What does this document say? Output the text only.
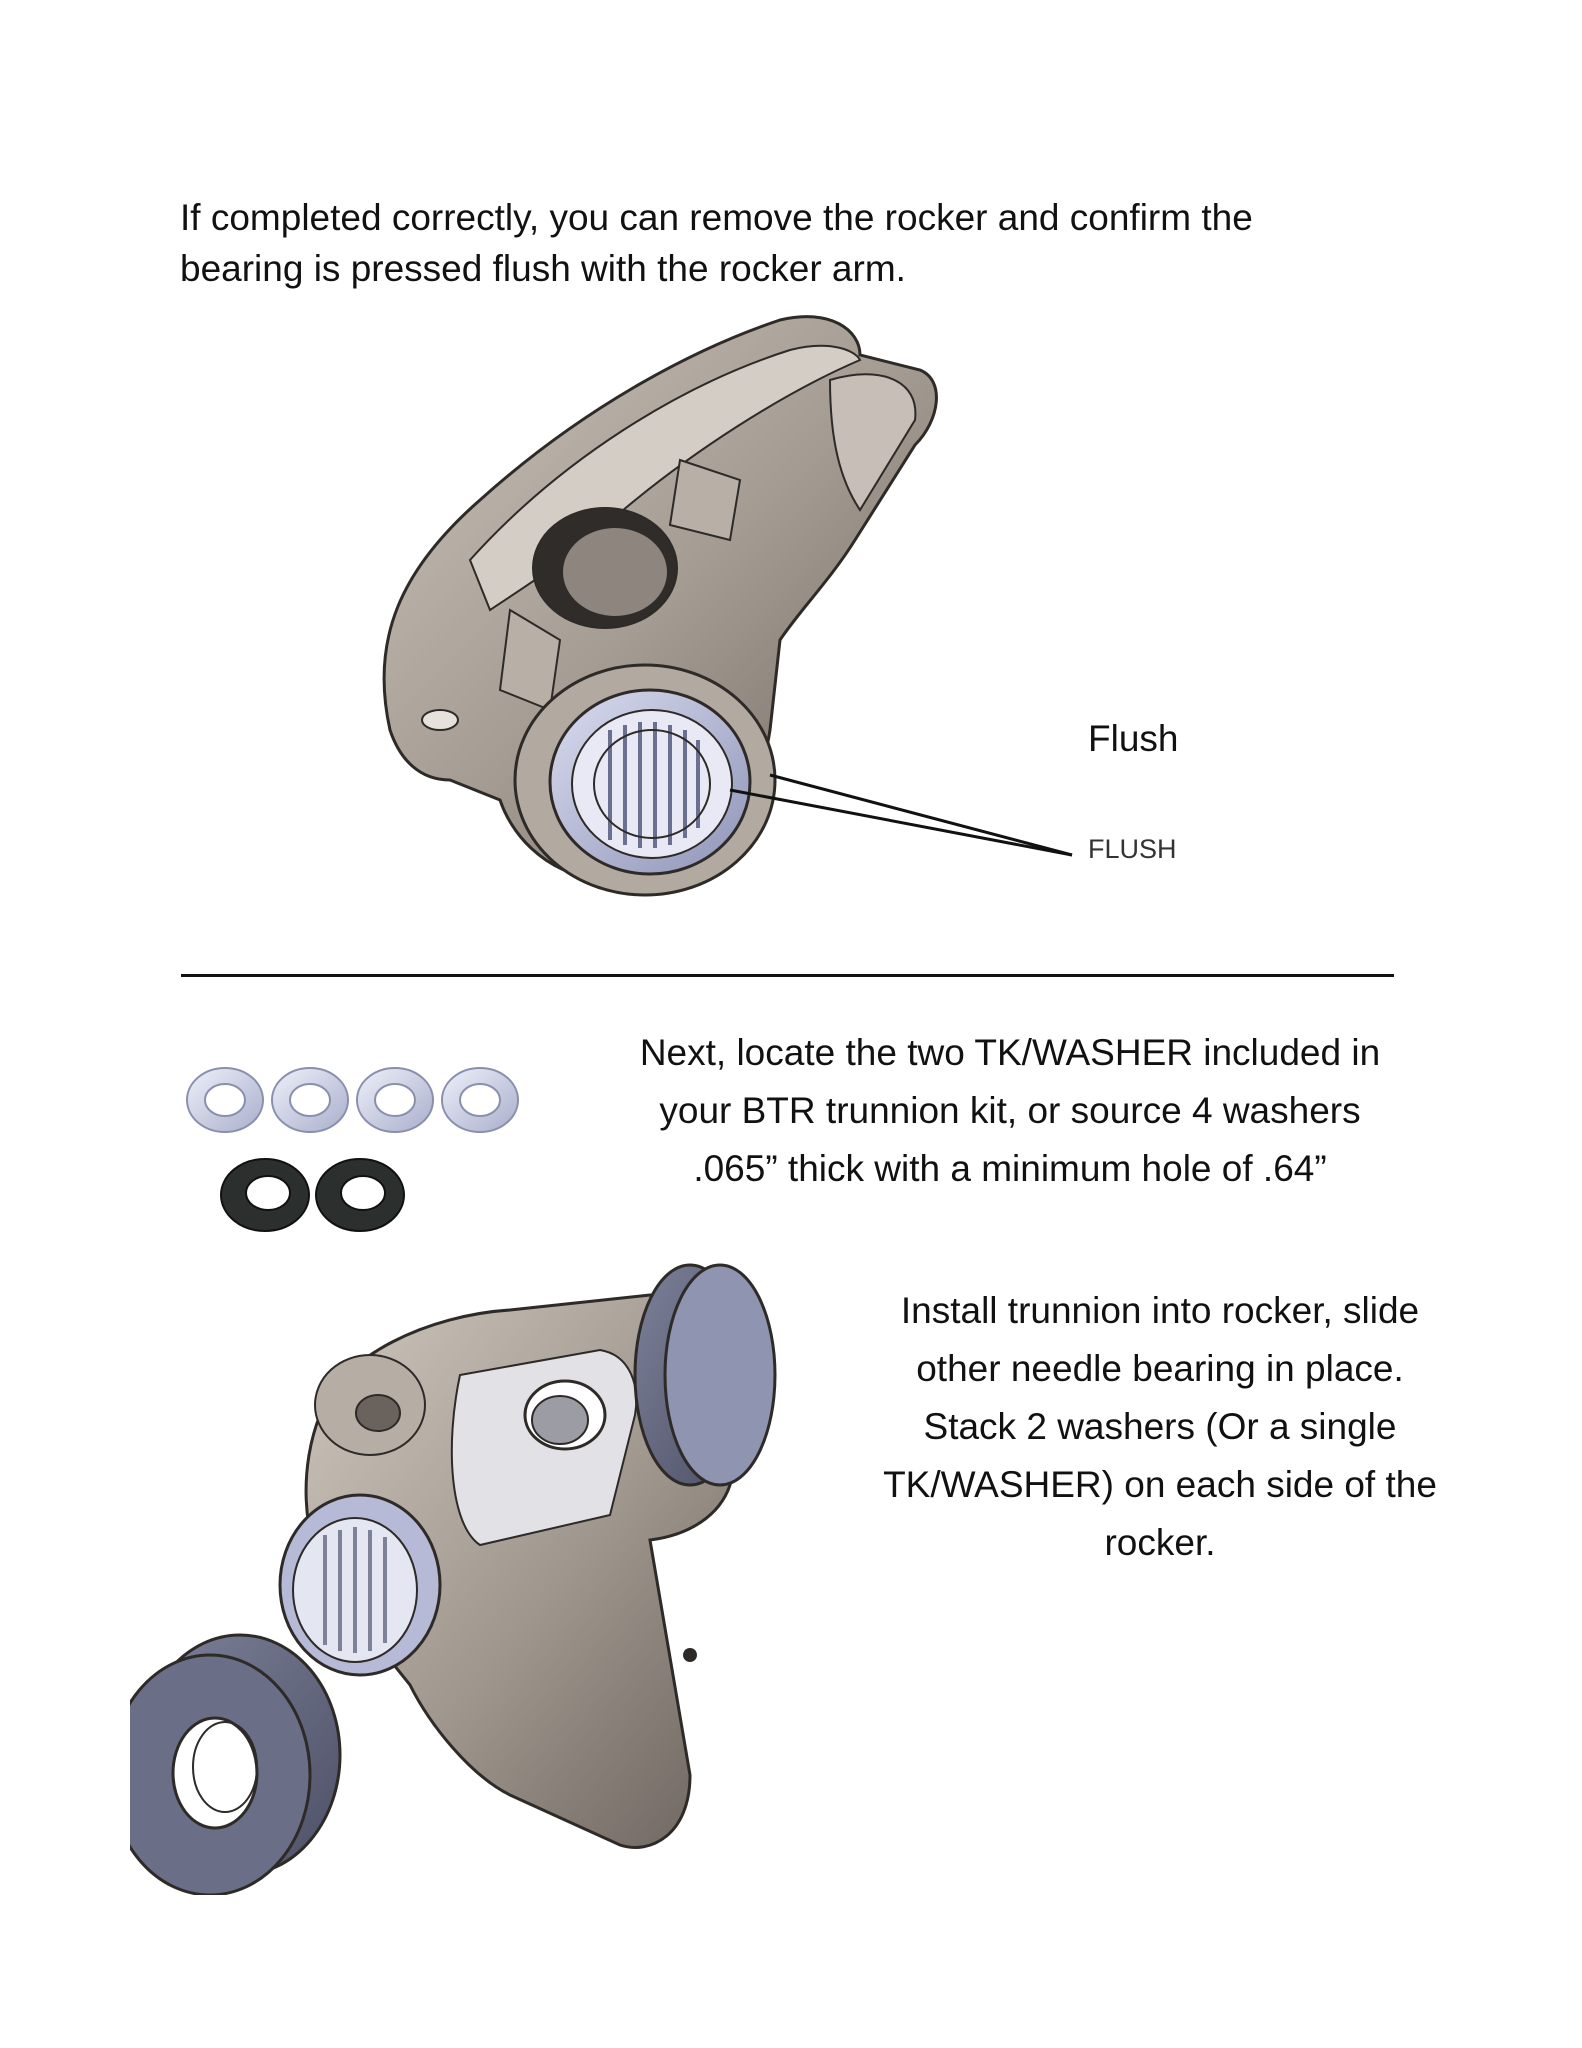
If completed correctly, you can remove the rocker and confirm the

bearing is pressed flush with the rocker arm.

Flush
FLUSH

Next, locate the two TK/WASHER included in

your BTR trunnion kit, or source 4 washers

.065” thick with a minimum hole of .64”

Install trunnion into rocker, slide

other needle bearing in place.

Stack 2 washers (Or a single

TK/WASHER) on each side of the

rocker.
